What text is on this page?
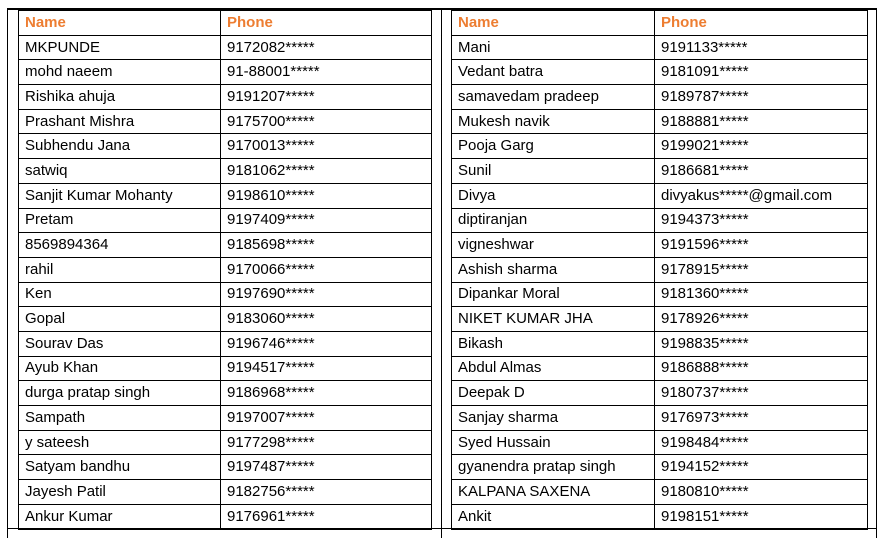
Name	Phone
MKPUNDE	9172082*****
mohd naeem	91-88001*****
Rishika ahuja	9191207*****
Prashant Mishra	9175700*****
Subhendu Jana	9170013*****
satwiq	9181062*****
Sanjit Kumar Mohanty	9198610*****
Pretam	9197409*****
8569894364	9185698*****
rahil	9170066*****
Ken	9197690*****
Gopal	9183060*****
Sourav Das	9196746*****
Ayub Khan	9194517*****
durga pratap singh	9186968*****
Sampath	9197007*****
y sateesh	9177298*****
Satyam bandhu	9197487*****
Jayesh Patil	9182756*****
Ankur Kumar	9176961*****
Name	Phone
Mani	9191133*****
Vedant batra	9181091*****
samavedam pradeep	9189787*****
Mukesh navik	9188881*****
Pooja Garg	9199021*****
Sunil	9186681*****
Divya	divyakus*****@gmail.com
diptiranjan	9194373*****
vigneshwar	9191596*****
Ashish sharma	9178915*****
Dipankar Moral	9181360*****
NIKET KUMAR JHA	9178926*****
Bikash	9198835*****
Abdul Almas	9186888*****
Deepak D	9180737*****
Sanjay sharma	9176973*****
Syed Hussain	9198484*****
gyanendra pratap singh	9194152*****
KALPANA SAXENA	9180810*****
Ankit	9198151*****
